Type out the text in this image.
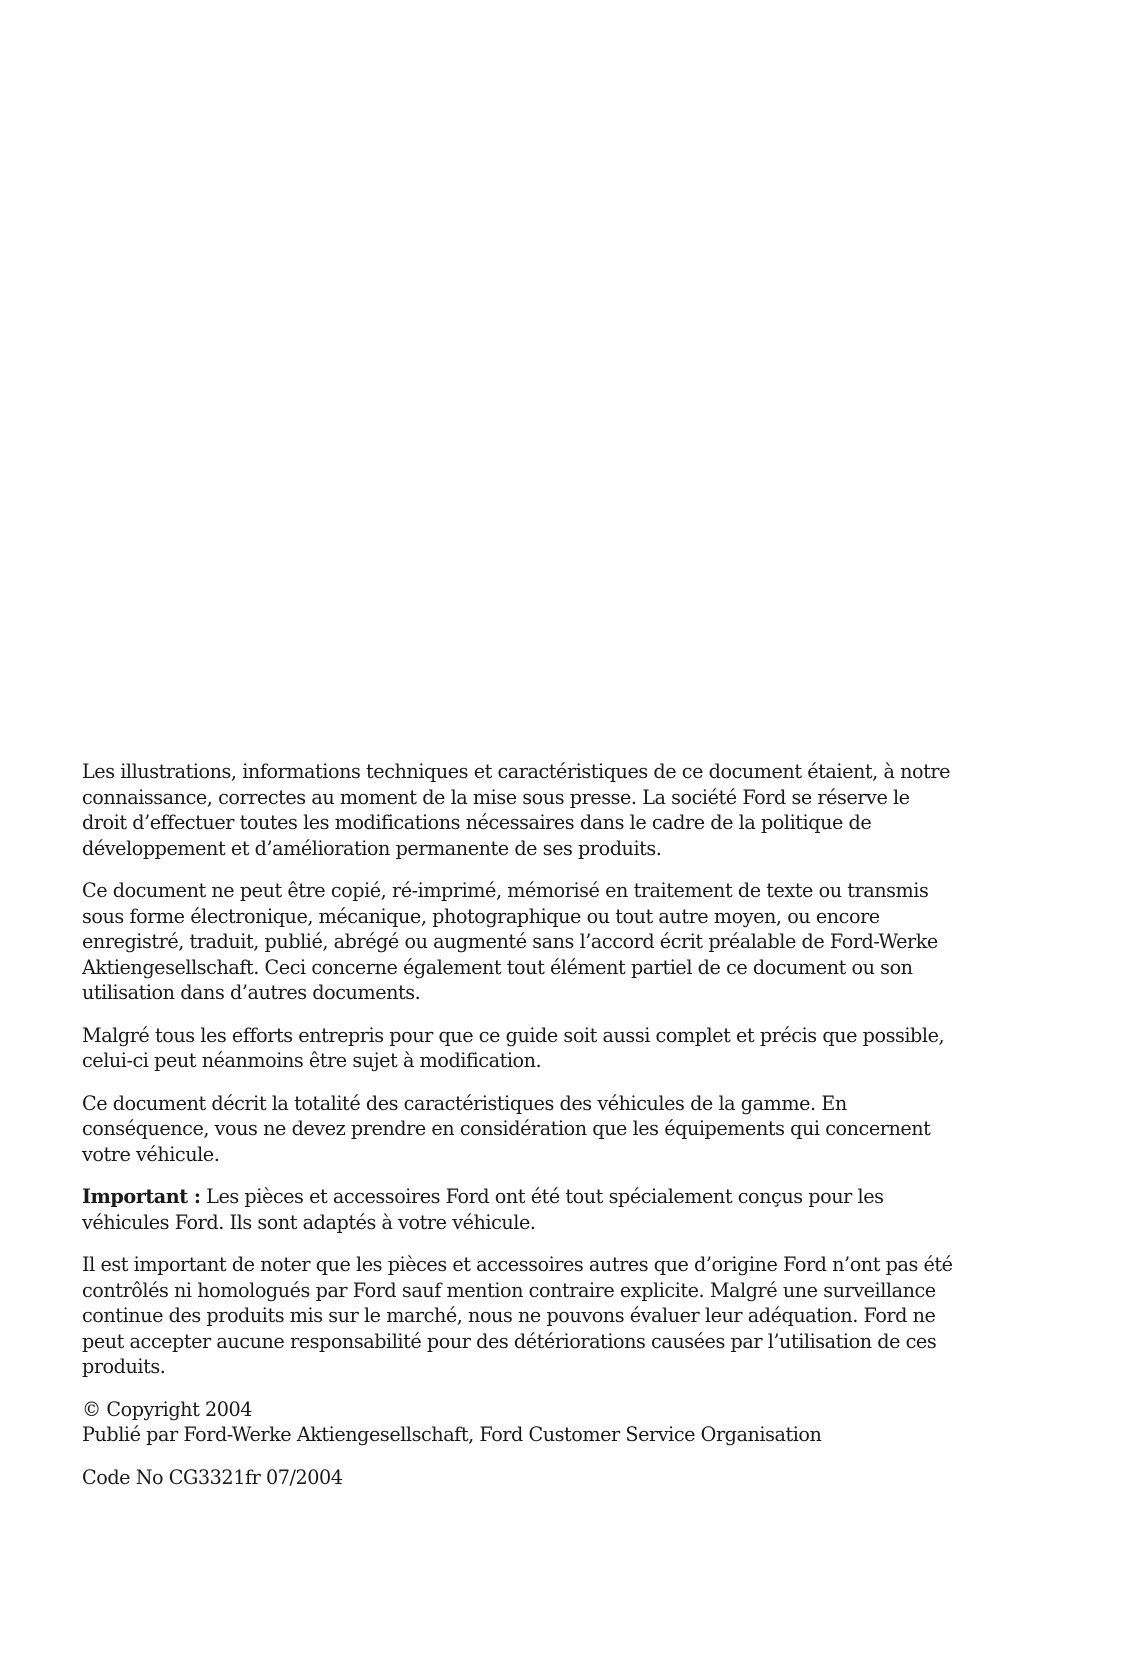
Les illustrations, informations techniques et caractéristiques de ce document étaient, à notre
connaissance, correctes au moment de la mise sous presse. La société Ford se réserve le
droit d’effectuer toutes les modifications nécessaires dans le cadre de la politique de
développement et d’amélioration permanente de ses produits.

Ce document ne peut être copié, ré-imprimé, mémorisé en traitement de texte ou transmis
sous forme électronique, mécanique, photographique ou tout autre moyen, ou encore
enregistré, traduit, publié, abrégé ou augmenté sans l’accord écrit préalable de Ford-Werke
Aktiengesellschaft. Ceci concerne également tout élément partiel de ce document ou son
utilisation dans d’autres documents.

Malgré tous les efforts entrepris pour que ce guide soit aussi complet et précis que possible,
celui-ci peut néanmoins être sujet à modification.

Ce document décrit la totalité des caractéristiques des véhicules de la gamme. En
conséquence, vous ne devez prendre en considération que les équipements qui concernent
votre véhicule.

Important : Les pièces et accessoires Ford ont été tout spécialement conçus pour les
véhicules Ford. Ils sont adaptés à votre véhicule.

Il est important de noter que les pièces et accessoires autres que d’origine Ford n’ont pas été
contrôlés ni homologués par Ford sauf mention contraire explicite. Malgré une surveillance
continue des produits mis sur le marché, nous ne pouvons évaluer leur adéquation. Ford ne
peut accepter aucune responsabilité pour des détériorations causées par l’utilisation de ces
produits.

© Copyright 2004

Publié par Ford-Werke Aktiengesellschaft, Ford Customer Service Organisation

Code No CG3321fr 07/2004
